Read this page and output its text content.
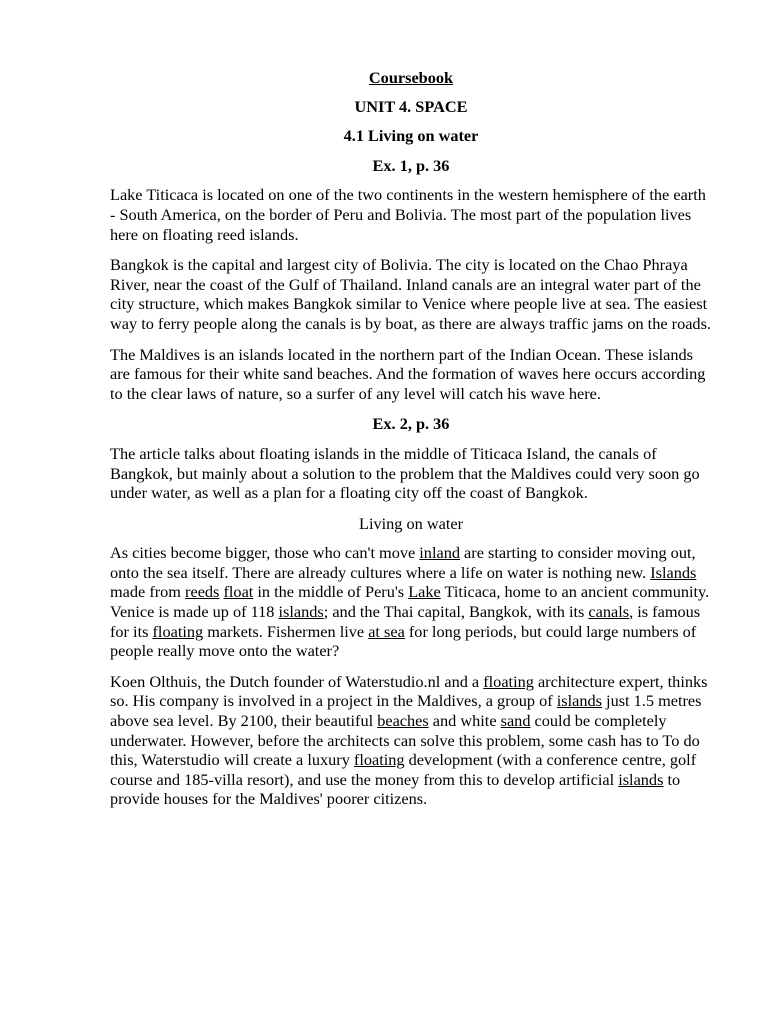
Coursebook
UNIT 4. SPACE
4.1 Living on water
Ex. 1, p. 36

Lake Titicaca is located on one of the two continents in the western hemisphere of the earth - South America, on the border of Peru and Bolivia. The most part of the population lives here on floating reed islands.

Bangkok is the capital and largest city of Bolivia. The city is located on the Chao Phraya River, near the coast of the Gulf of Thailand. Inland canals are an integral water part of the city structure, which makes Bangkok similar to Venice where people live at sea. The easiest way to ferry people along the canals is by boat, as there are always traffic jams on the roads.

The Maldives is an islands located in the northern part of the Indian Ocean. These islands are famous for their white sand beaches. And the formation of waves here occurs according to the clear laws of nature, so a surfer of any level will catch his wave here.

Ex. 2, p. 36

The article talks about floating islands in the middle of Titicaca Island, the canals of Bangkok, but mainly about a solution to the problem that the Maldives could very soon go under water, as well as a plan for a floating city off the coast of Bangkok.

Living on water

As cities become bigger, those who can't move inland are starting to consider moving out, onto the sea itself. There are already cultures where a life on water is nothing new. Islands made from reeds float in the middle of Peru's Lake Titicaca, home to an ancient community. Venice is made up of 118 islands; and the Thai capital, Bangkok, with its canals, is famous for its floating markets. Fishermen live at sea for long periods, but could large numbers of people really move onto the water?

Koen Olthuis, the Dutch founder of Waterstudio.nl and a floating architecture expert, thinks so. His company is involved in a project in the Maldives, a group of islands just 1.5 metres above sea level. By 2100, their beautiful beaches and white sand could be completely underwater. However, before the architects can solve this problem, some cash has to To do this, Waterstudio will create a luxury floating development (with a conference centre, golf course and 185-villa resort), and use the money from this to develop artificial islands to provide houses for the Maldives' poorer citizens.
